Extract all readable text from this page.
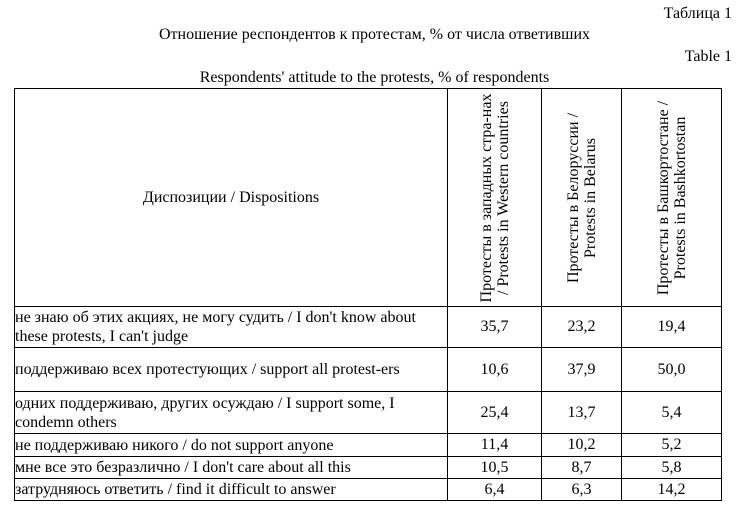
Таблица 1
Отношение респондентов к протестам, % от числа ответивших
Table 1
Respondents' attitude to the protests, % of respondents
Диспозиции / Dispositions	Протесты в западных стра-нах / Protests in Western countries	Протесты в Белоруссии / Protests in Belarus	Протесты в Башкортостане / Protests in Bashkortostan

не знаю об этих акциях, не могу судить / I don't know about these protests, I can't judge	35,7	23,2	19,4
поддерживаю всех протестующих / support all protest-ers	10,6	37,9	50,0
одних поддерживаю, других осуждаю / I support some, I condemn others	25,4	13,7	5,4
не поддерживаю никого / do not support anyone	11,4	10,2	5,2
мне все это безразлично / I don't care about all this	10,5	8,7	5,8
затрудняюсь ответить / find it difficult to answer	6,4	6,3	14,2
